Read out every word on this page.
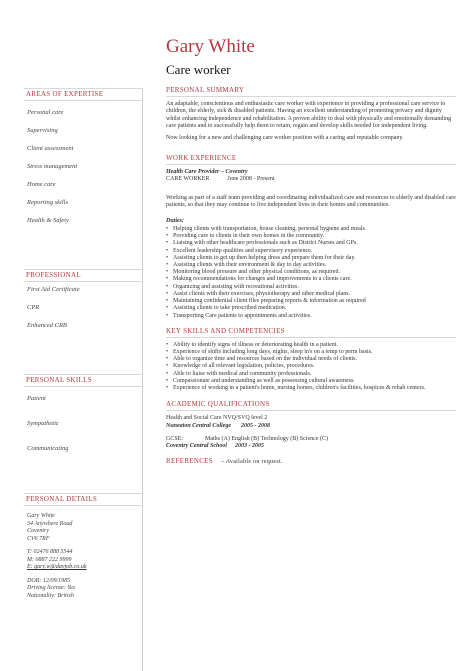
Gary White
Care worker
AREAS OF EXPERTISE
Personal care
Supervising
Client assessment
Stress management
Home care
Reporting skills
Health & Safety
PROFESSIONAL
First Aid Certificate
CPR
Enhanced CRB
PERSONAL SKILLS
Patient
Sympathetic
Communicating
PERSONAL DETAILS
Gary White
34 Anywhere Road
Coventry
CV6 7RF
T: 02476 888 5544
M: 0887 222 9999
E: gary.w@dayjob.co.uk
DOB: 12/09/1985
Driving license: Yes
Nationality: British
PERSONAL SUMMARY

An adaptable, conscientious and enthusiastic care worker with experience in providing a professional care service to children, the elderly, sick & disabled patients. Having an excellent understanding of promoting privacy and dignity whilst enhancing independence and rehabilitation. A proven ability to deal with physically and emotionally demanding care patients and to successfully help them to retain, regain and develop skills needed for independent living.

Now looking for a new and challenging care worker position with a caring and reputable company.

WORK EXPERIENCE
Health Care Provider – Coventry
CARE WORKER	June 2008 - Present

Working as part of a staff team providing and coordinating individualized care and resources to elderly and disabled care patients, so that they may continue to live independent lives in their homes and communities.

Duties:
• Helping clients with transportation, house cleaning, personal hygiene and meals.
• Providing care to clients in their own homes in the community.
• Liaising with other healthcare professionals such as District Nurses and GPs.
• Excellent leadership qualities and supervisory experience.
• Assisting clients to get up then helping dress and prepare them for their day.
• Assisting clients with their environment & day to day activities.
• Monitoring blood pressure and other physical conditions, as required.
• Making recommendations for changes and improvements to a clients care.
• Organizing and assisting with recreational activities.
• Assist clients with their exercises, physiotherapy and other medical plans.
• Maintaining confidential client files preparing reports & information as required
• Assisting clients to take prescribed medication.
• Transporting Care patients to appointments and activities.
KEY SKILLS AND COMPETENCIES
• Ability to identify signs of illness or deteriorating health in a patient.
• Experience of shifts including long days, nights, sleep in's on a temp to perm basis.
• Able to organize time and resources based on the individual needs of clients.
• Knowledge of all relevant legislation, policies, procedures.
• Able to liaise with medical and community professionals.
• Compassionate and understanding as well as possessing cultural awareness.
• Experience of working in a patient's home, nursing homes, children's facilities, hospices & rehab centers.
ACADEMIC QUALIFICATIONS
Health and Social Care NVQ/SVQ level 2
Nuneaton Central College 2005 - 2008
GCSE:	Maths (A) English (B) Technology (B) Science (C)
Coventry Central School 2003 - 2005
REFERENCES – Available on request.
